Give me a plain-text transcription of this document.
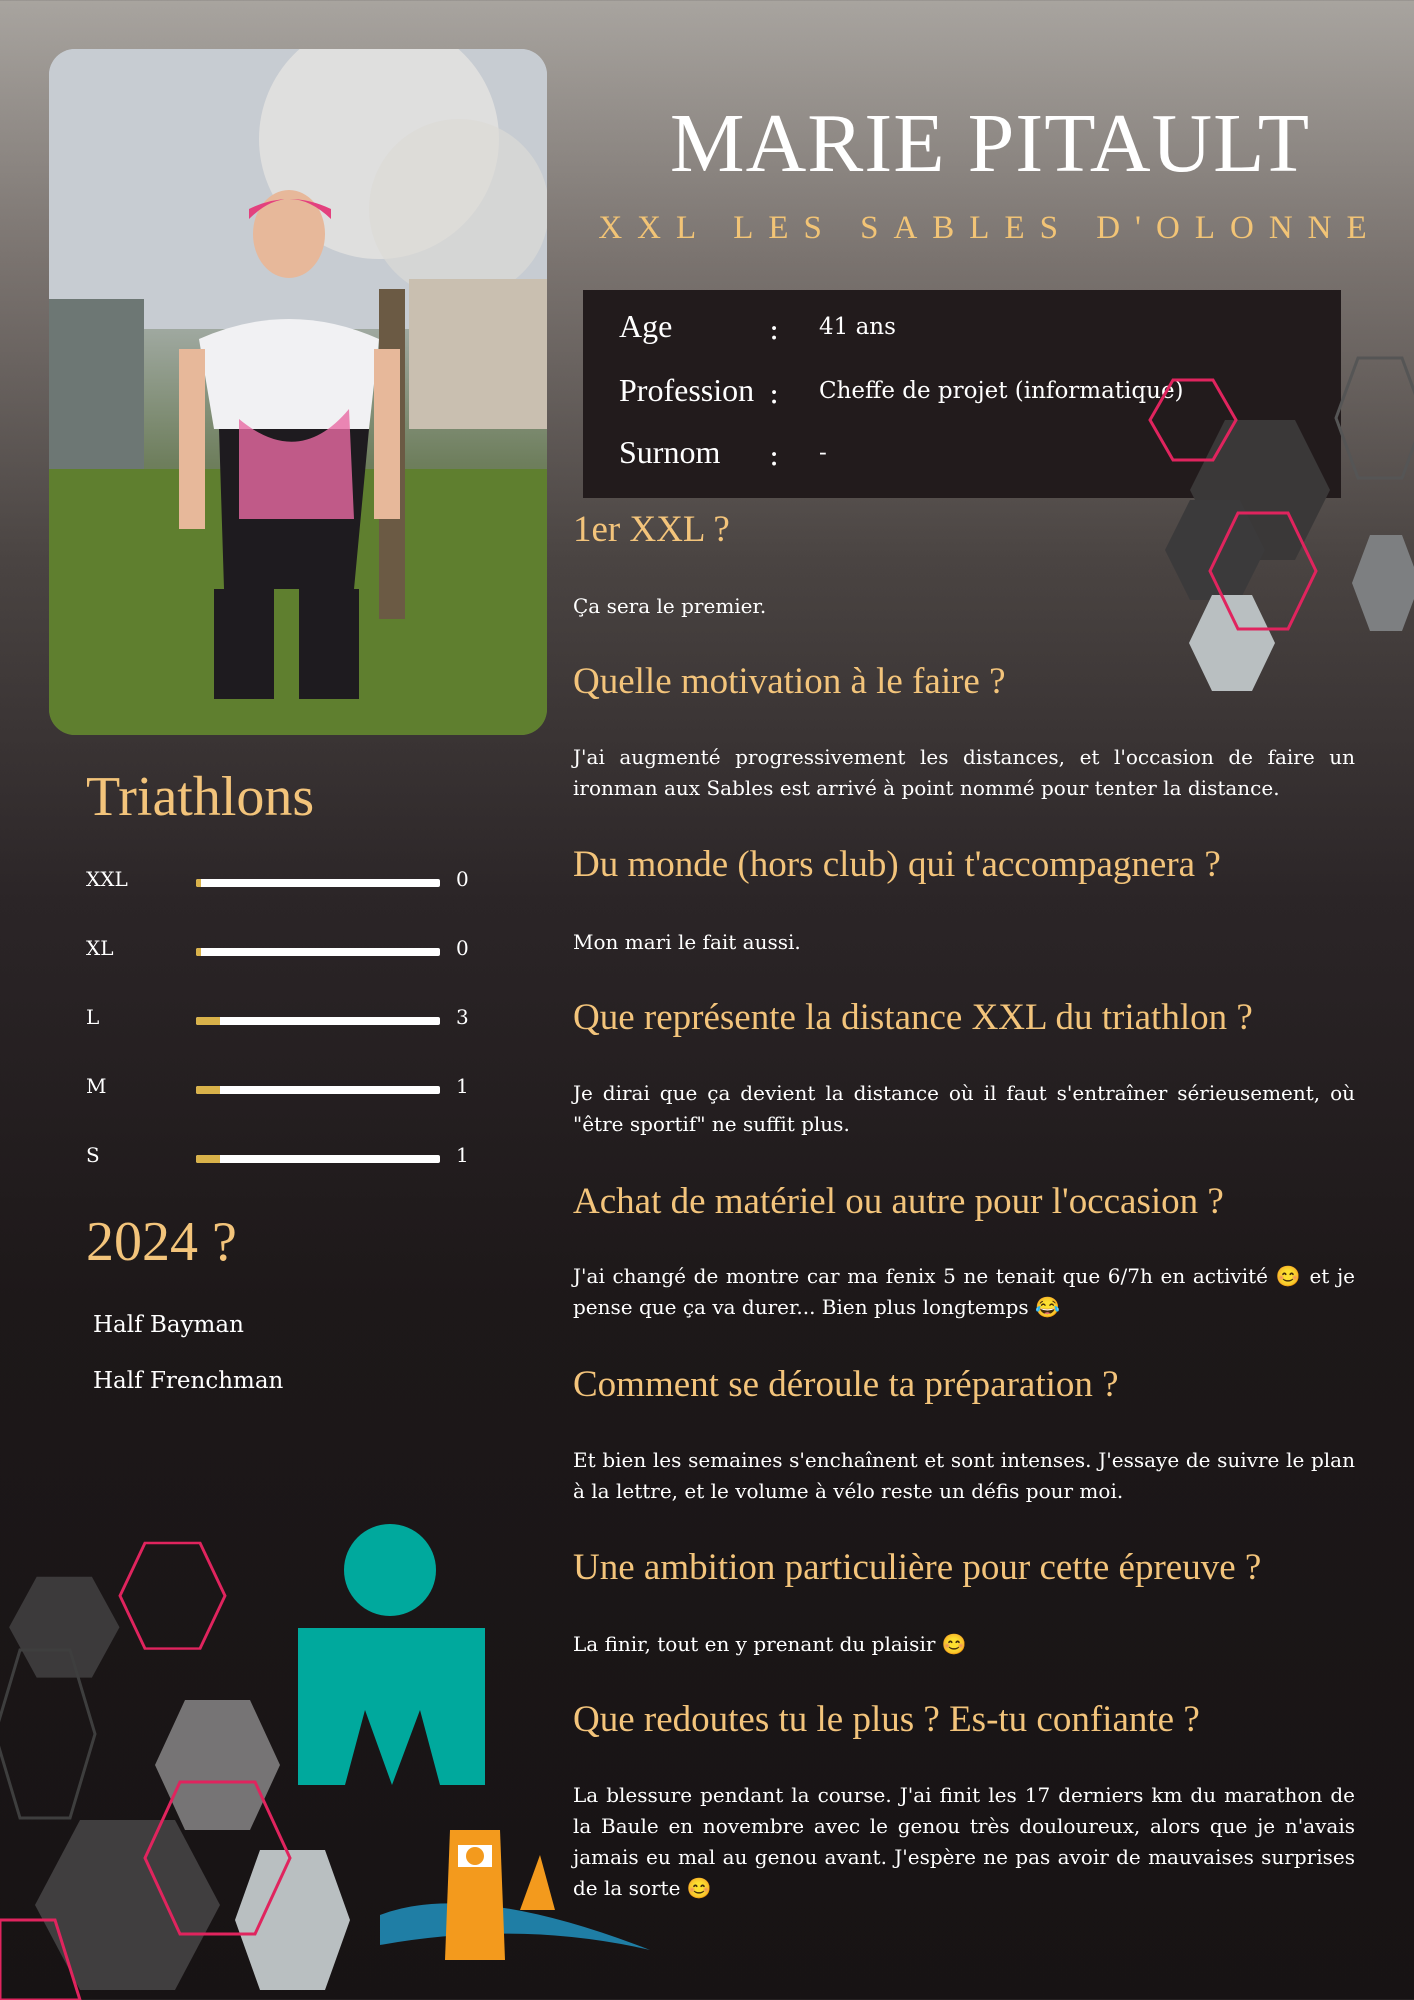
MARIE PITAULT
XXL LES SABLES D'OLONNE
Age	: 41 ans
Profession : Cheffe de projet (informatique)
Surnom : -
1er XXL ?
Ça sera le premier.
Quelle motivation à le faire ?
J'ai augmenté progressivement les distances, et l'occasion de faire un ironman aux Sables est arrivé à point nommé pour tenter la distance.
Du monde (hors club) qui t'accompagnera ?
Mon mari le fait aussi.
Que représente la distance XXL du triathlon ?
Je dirai que ça devient la distance où il faut s'entraîner sérieusement, où "être sportif" ne suffit plus.
Achat de matériel ou autre pour l'occasion ?
J'ai changé de montre car ma fenix 5 ne tenait que 6/7h en activité 😊 et je pense que ça va durer... Bien plus longtemps 😂
Comment se déroule ta préparation ?
Et bien les semaines s'enchaînent et sont intenses. J'essaye de suivre le plan à la lettre, et le volume à vélo reste un défis pour moi.
Une ambition particulière pour cette épreuve ?
La finir, tout en y prenant du plaisir 😊
Que redoutes tu le plus ? Es-tu confiante ?
La blessure pendant la course. J'ai finit les 17 derniers km du marathon de la Baule en novembre avec le genou très douloureux, alors que je n'avais jamais eu mal au genou avant. J'espère ne pas avoir de mauvaises surprises de la sorte 😊
Triathlons
XXL	0
XL	0
L	3
M	1
S	1
2024 ?
Half Bayman
Half Frenchman
